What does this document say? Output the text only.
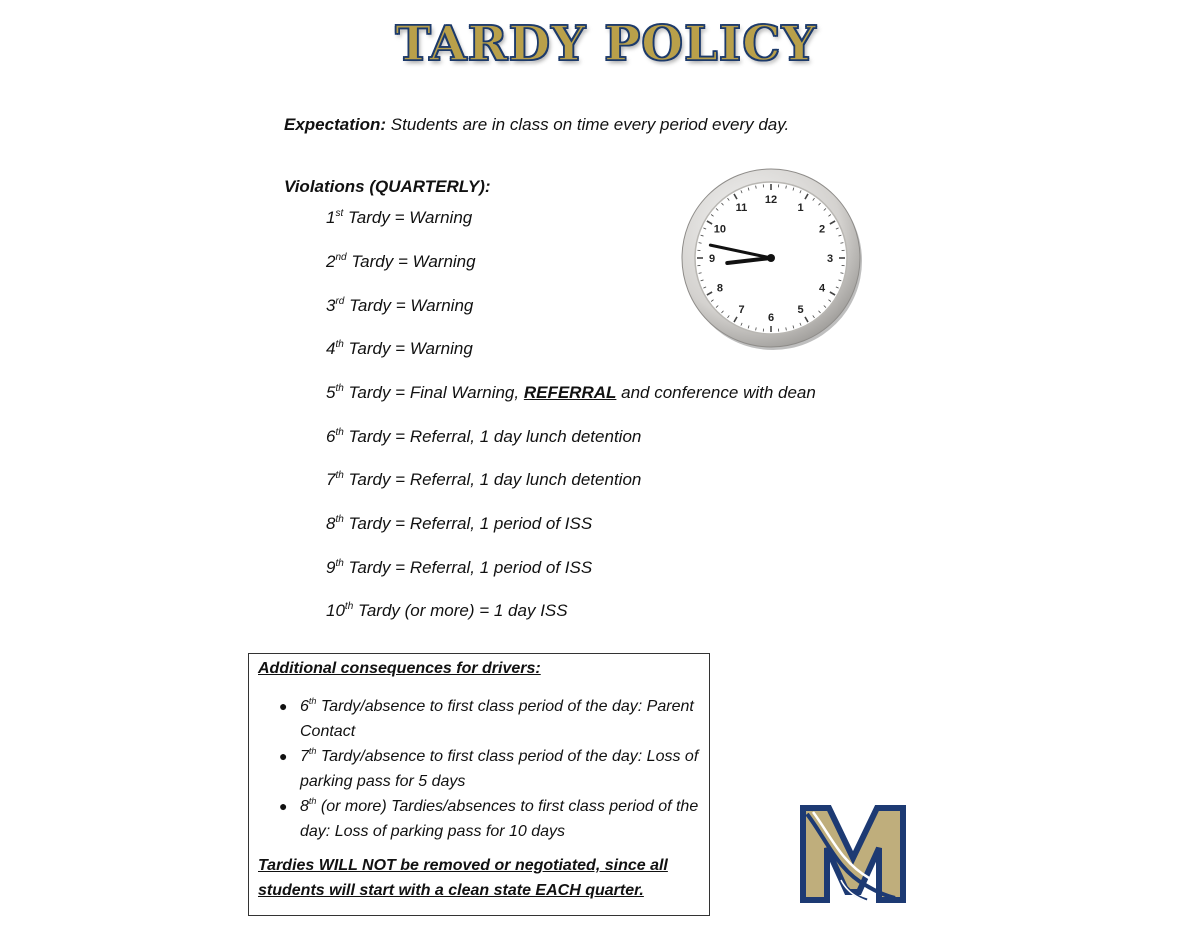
TARDY POLICY
Expectation: Students are in class on time every period every day.
Violations (QUARTERLY):
1st Tardy = Warning
2nd Tardy = Warning
3rd Tardy = Warning
4th Tardy = Warning
5th Tardy = Final Warning, REFERRAL and conference with dean
6th Tardy = Referral, 1 day lunch detention
7th Tardy = Referral, 1 day lunch detention
8th Tardy = Referral, 1 period of ISS
9th Tardy = Referral, 1 period of ISS
10th Tardy (or more) = 1 day ISS
12
1
2
3
4
5
6
7
8
9
10
11
Additional consequences for drivers:
● 6th Tardy/absence to first class period of the day: Parent Contact
● 7th Tardy/absence to first class period of the day: Loss of parking pass for 5 days
● 8th (or more) Tardies/absences to first class period of the day: Loss of parking pass for 10 days
Tardies WILL NOT be removed or negotiated, since all students will start with a clean state EACH quarter.
